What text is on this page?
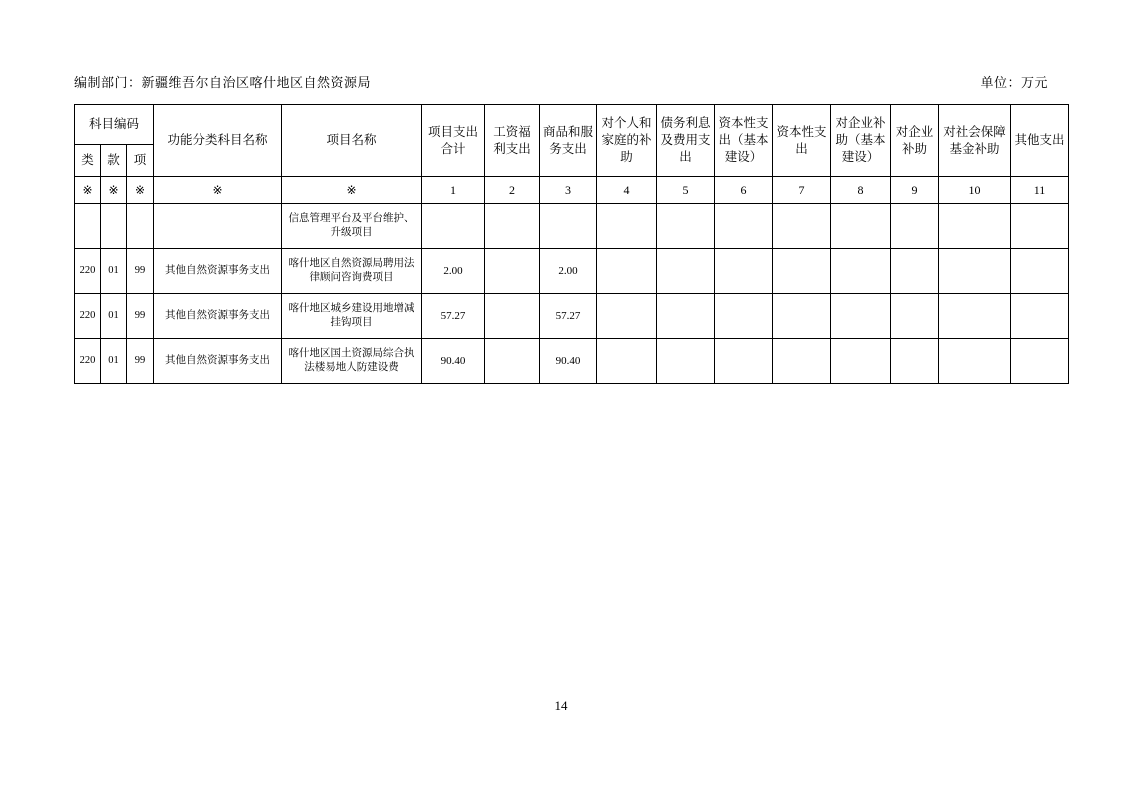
编制部门：新疆维吾尔自治区喀什地区自然资源局	单位：万元
科目编码			功能分类科目名称	项目名称	项目支出合计	工资福利支出	商品和服务支出	对个人和家庭的补助	债务利息及费用支出	资本性支出（基本建设）	资本性支出	对企业补助（基本建设）	对企业补助	对社会保障基金补助	其他支出
类	款	项													
※	※	※	※	※	1	2	3	4	5	6	7	8	9	10	11
				信息管理平台及平台维护、升级项目											
220	01	99	其他自然资源事务支出	喀什地区自然资源局聘用法律顾问咨询费项目	2.00		2.00								
220	01	99	其他自然资源事务支出	喀什地区城乡建设用地增减挂钩项目	57.27		57.27								
220	01	99	其他自然资源事务支出	喀什地区国土资源局综合执法楼易地人防建设费	90.40		90.40								
14
